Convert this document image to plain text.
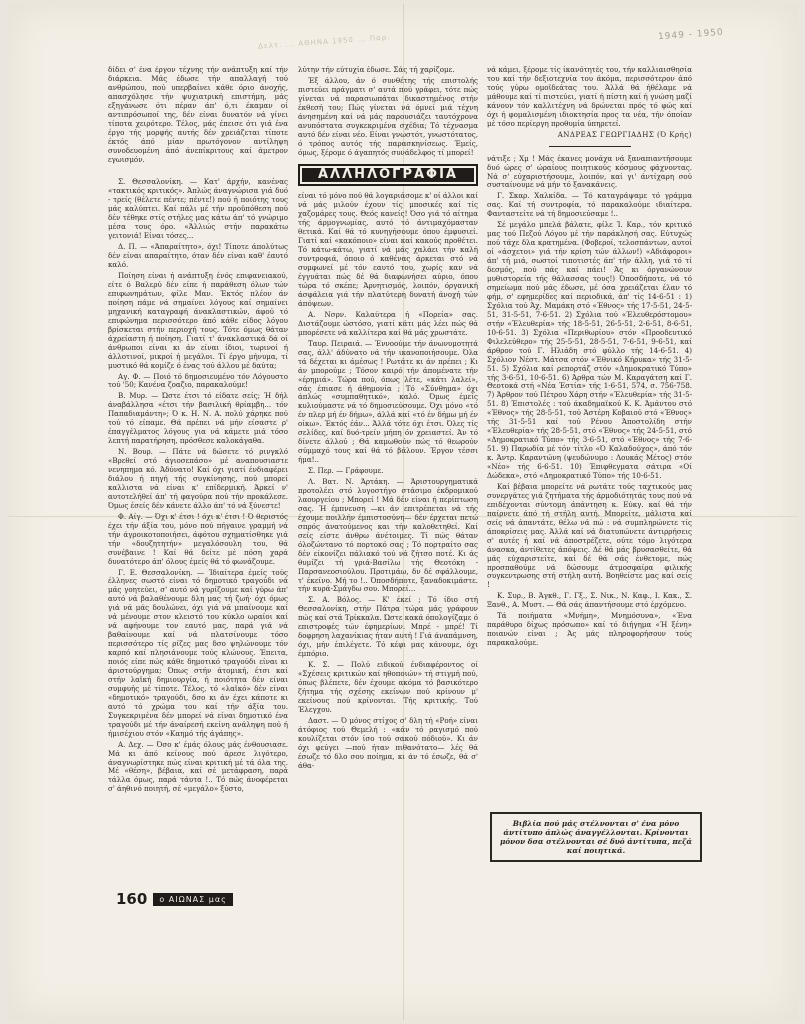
1949 - 1950
Δελτ. ... ΑΘΗΝΑ 1950 ... Παρ.

δίδει σ' ένα έργον τέχνης τήν ανάπτυξη καί τήν διάρκεια. Μάς έδωσε τήν απαλλαγή τού ανθρώπου, πού υπερβαίνει κάθε όριο άνοχής, απασχόλησε τήν ψυχιατρική επιστήμη, μάς εξηγάνωσε ότι πέραν άπ' ό,τι έκαμαν οί αντιπρόσωποί της, δέν είναι δυνατόν νά γίνει τίποτα χειρότερο. Τέλος, μάς έπεισε ότι γιά ένα έργο τής μορφής αυτής δέν χρειάζεται τίποτε έκτός άπό μίαν πρωτόγονον αντίληψη συνοδευομένη άπό άνεπίκριτους καί άμετρον εγωισμόν.

Σ. Θεσσαλονίκη. — Κατ' άρχήν, κανένας «τακτικός κριτικός». Άπλώς άναγνώρισα γιά δυό - τρείς (θέλετε πέντε; πέντε!) πού ή ποιότης τους μάς καλύπτει. Καί πάλι μέ τήν προϋπόθεση πού δέν τέθηκε στίς στήλες μας κάτω άπ' τό γνώριμο μέσα τους όρο. «Άλλιώς στήν παρακάτω γειτονιά! Είναι τόσες...

Δ. Π. — «Άπαραίτητο», όχι! Τίποτε άπολύτως δέν είναι απαραίτητο, όταν δέν είναι καθ' έαυτό καλό.

Ποίηση είναι ή ανάπτυξη ένός επιφανειακού, είτε ό Βαλερύ δέν είπε ή παράθεση όλων τών επιφωνημάτων, φίλε Μαν. Έκτός πλέον άν ποίηση πάμε νά σημαίνει λόγους καί σημαίνει μηχανική καταγραφή άνακλαστικών, άφού τό επιφώνημα περισσότερο άπό κάθε είδος λόγου βρίσκεται στήν περιοχή τους. Τότε όμως θάταν άχρείαστη ή ποίηση. Γιατί τ' άνακλαστικά δά οί άνθρωποι είναι κι άν είναι ίδιοι, τωρινοί ή άλλοτινοί, μικροί ή μεγάλοι. Τί έργο μήνυμα, τί μυστικό θά κομίζε ό ένας τού άλλου μέ δαύτα;

Αγ. Φ. — Ποιό τό δημοσιευμένο τόν Λόγουστο τού '50; Κανένα ζοαζιο, παρακαλούμε!

Β. Μυρ. — Ώστε έτσι τό είδατε σείς; Ή δήλ άναβάλλησα «έτσι τήν βασιλική θρίαμβη... τόν Παπαδιαμάντη»; Ό κ. Η. Ν. Α. πολύ χάρηκε πού τού τό είπαμε. Θά πρέπει νά μήν είσαστε ρ' έπαγγέλματος λόγους για νά κάμετε μιά τόσο λεπτή παρατήρηση, πρόσθεσε καλοκάγαθα.

Ν. Βουρ. — Πάτε νά δώσετε τό ρινγκλό «Βρεθεί στό άγιοσεπάσο» μέ αναπουσιαστε νενηπημα κό. Άδύνατο! Καί όχι γιατί ένδιαφέρει διάλου ή πηγή τής συγκίνησης, πού μπορεί καλλιστα νά είναι κ' επίδερμική. Άρκεί ν' αυτοτελήθεί άπ' τή φαγούρα πού τήν προκάλεσε. Όμως έσείς δέν κάνετε άλλο άπ' τό νά ξύνεστε!

Φ. Αίγ. — Όχι κ' έτσι ! όχι κ' έτσι ! Ό θεριστός έχει τήν άξία του, μόνο πού πήγαινε γραμμή νά τήν άγροικοτοποιήσει, άφότου σχηματίσθηκε γιά τήν «δουζητητήν» μεγαλόσουλη του, θά συνέβαινε ! Καί θά δείτε μέ πόση χαρά δυνατότερο άπ' όλους έμείς θά τό φωνάζουμε.

Γ. Ε. Θεσσαλονίκη. — Ίδιαίτερα έμείς τούς έλληνες σωστό είναι τό δημοτικό τραγούδι νά μάς γοητεύει, σ' αυτό νά γυρίζουμε καί γύρω άπ' αυτό νά βαλαθένουμε δλη μας τή ζωή· όχι όμως γιά νά μάς δουλώνει, όχι γιά νά μπαίνουμε καί νά μένουμε στον κλειστό του κύκλο ωραίοι καί νά αφήνουμε τον εαυτό μας, παρά γιά νά βαθαίνουμε καί νά πλατσίνουμε τόσο περισσότερο τίς ρίζες μας δσο ψηλώνουμε τόν καρπό καί πλησιάνουμε τούς κλώνους. Έπειτα, ποιός είπε πώς κάθε δημοτικό τραγούδι είναι κι άριστούργημα; Όπως στήν άτομική, έτσι καί στήν λαϊκή δημιουργία, ή ποιότητα δέν είναι συμφυής μέ τίποτε. Τέλος, τό «λαϊκό» δέν είναι «δημοτικό» τραγούδι, δσο κι άν έχει κάποτε κι αυτό τό χρώμα του καί τήν άξία του. Συγκεκριμένα δέν μπορεί νά είναι δημοτικό ένα τραγούδι μέ τήν άναίρεσή εκείνη ανάληψη πού ή ήμισέχιου στόν «Καημό τής άγάπης».

Α. Δεχ. — Όσο κ' έμάς όλους μάς ένθουσιασε. Μά κι άπό κείνους πού άρεσε λιγότερο, άναγνωρίστηκε πώς είναι κριτική μέ τά όλα της. Μέ «θέση», βέβαια, καί σέ μετάφραση, παρά τάλλα όμως, παρά τάυτα !.. Τό πώς άνοφέρεται σ' άηθινό ποιητή, σέ «μεγάλο» ξύστο,

λύτην τήν εύτυχία έδωσε. Σάς τή χαρίζομε.

Έξ άλλου, άν ό συνθέτης τής επιστολής πιστεύει πράγματι σ' αυτά πού γράφει, τότε πώς γίνεται νά παρασιωπάται δικαστημένος στήν έκθεσή του; Πώς γίνεται νά όμνεί μιά τέχνη άνησημένη καί νά μάς παρουσιάζει ταυτόχρονα ανυπόστατα συγκεκριμένα σχέδια; Τό τέχνασμα αυτό δέν είναι νέο. Είναι γνωστότ, γνωστότατος, ό τρόπος αυτός τής παρασκηνίσεως. Έμείς, όμως, ξέρομε ό άγαπητός συνάδελφος τί μπορεί!

ΑΛΛΗΛΟΓΡΑΦΙΑ

είναι τό μόνο πού θά λογαριάσομε κ' οί άλλοι καί νά μάς μιλούν έχουν τίς μποσικές καί τίς χαζομάρες τους. Θεός κανείς! Όσο γιά τό αίτημα τής άρμογνωμίας, αυτό τό άντιμαχόμασταν θετικά. Καί θά τό κυνηγήσουμε όπου έμφυσιεί. Γιατί καί «κακόποιο» είναι καί κακούς προθέτει. Τό κάτω-κάτω, γιατί νά μάς χαλάει τήν καλή συντροφιά, όποιο ό καθένας άρκεται στό νά συμφωνεί μέ τόν εαυτό του, χωρίς καν νά έγγυάται πώς δέ θά διαφωνήσει αύριο, όπου τώρα τό σκέπε; Άρνητισμός, λοιπόν, όργανική άσφάλεια γιά τήν πλατύτερη δυνατή άνοχή τών άπόψεων.

Α. Νσρν. Καλαύτερα ή «Πορεία» σας. Διστάζουμε ώστόσο, γιατί κάτι μάς λέει πώς θά μπορέσετε νά καλλίτερα καί θά μάς χρωστάτε.

Ταυρ. Πειραιά. — Έννοούμε τήν άνωνυμοτητά σας, άλλ' άδύνατο νά τήν ικανοποιήσουμε. Όλα τά δέχεται κι άμέσως ! Ρωτάτε κι άν πρέπει ; Κι άν μπορούμε ; Τόσον καιρό τήν άπομένατε τήν «έρημιά». Τώρα πού, όπως λέτε, «κάτι λαλεί», σάς έπιασε ή άθημονία ; Τό «Σύνθημα» όχι άπλώς «συμπαθητικό», καλό. Όμως έμείς κυλιούμαστε νά τό δημοσιεύσουμε. Όχι μόνο «τό έν πλερ μή έν δήμω», άλλά καί «τό έν δήμω μή έν οίκω». Έκτός έάν... Άλλά τότε όχι έτσι. Όλες τίς σελίδες, καί δυό-τρείν μήπη όν χρειαστεί. Άν τό δίνετε άλλού ; Θά καμωθούν πώς τό θεωρούν σύμμαχό τους καί θά τό βάλουν. Έργον τέσσι ήμα!..

Σ. Περ. — Γράφουμε.

Λ. Βατ. Ν. Άρτάκη. — Άριστουργηματικά προτολέει στό λυγοστήγο στάσιμο έκδρομικού λαουργείου ; Μπορεί ! Μά δέν είναι ή περίπτωση σας. Ή έμπνευση —κι άν επιτρέπεται νά τής έχουμε ποιλλήν έμπιστοσύνη— δέν έρχεται πετώ σπρός άνατούμενος και τήν καλοθετηθεί. Καί σείς είστε άνθρω άνέτοιμες. Τί πώς θάταν όλοζώντανο τό πορτοκό σας ; Τό πορτραίτο σας δέν είκονίζει πάλιακό τού νά ζήτσο ποτέ. Κι άς θυμίζει τή γριά-Βασίλω τής Θεοτόκη - Παρσανεοσιούλου. Προτιμάω, δν δέ σφάλλουμε, τ' έκείνο. Μή το !.. Όποσδήποτε, ξαναδοκιμάστε. τήν κυρά-Σμάγδω σου. Μπορεί...

Σ. Α. Βόλος. — Κ' έκεί ; Τό ίδιο στή Θεσσαλονίκη, στήν Πάτρα τώρα μάς γράφουν πώς καί στά Τρίκκαλα. Ώστε κακά όπολογίζαμε ό επιστροφές τών έφημερίων. Μπρέ - μπρέ! Τί δοφρηση λαχανίκιας ήταν αυτή ! Γιά άναπάμνση, όχι, μήν έπιλέγετε. Τό κέφι μας κάνουμε, όχι έμπόριο.

Κ. Σ. — Πολύ ειδικού ένδιαφέροντος οί «Σχέσεις κριτικών καί ηθοποιών» τή στιγμή πού, όπως βλέπετε, δέν έχουμε ακόμα τό βασικότερο ζήτημα τής σχέσης εκείνων πού κρίνουν μ' εκείνους πού κρίνονται. Τής κριτικής. Τού Έλεγχου.

Δαστ. — Ό μόνος στίχος σ' δλη τή «Ροή» είναι άτόφιος τού Θεμελή : «κάν τό ραγισμό πού κουλίζεται στόν ίσο τού σακού πόδιού». Κι άν όχι φεύγει —πού ήταν πιθανότατο— λές θά έσωζε τό δλο σου ποίημα, κι άν τό έσωζε, θά σ' άθα-

νά κάμει, ξέρομε τίς ίκανότητές του, τήν καλλιαισθησία του καί τήν δεξιοτεχνία του άκόμα, περισσότερον άπό τούς γύρω ομοϊδεάτας του. Άλλά θά ήθέλαμε νά μάθουμε καί τί πιστεύει, γιατί ή πίστη καί ή γνώση μαζί κάνουν τόν καλλιτέχνη νά δρώνεται πρός τό φώς καί όχι ή φομαλισμένη ιδιοκτησία προς τα νέα, τήν όποίαν μέ τόσο περίεργη προθυμία ύπηρετεί.

ΑΝΔΡΕΑΣ ΓΕΩΡΓΙΑΔΗΣ (Ό Κρής)

νάτιξε ; Χμ ! Μάς έκανες μονάχα νά ξαναπιαντήσουμε δυό ώρες σ' ώραίους ποιητικούς κόσμους φάχνοντας. Νά σ' εύχαριστήσουμε, λοιπόν, καί γι' άντίχαρη σού συσταίνουμε νά μήν τό ξανακάνεις.

Γ. Σκαρ. Χαλκίδα. — Τό καταγράψαμε τό γράμμα σας. Καί τή συντροφία, τό παρακαλούμε ιδιαίτερα. Φανταστείτε νά τή δημοσιεύσαμε !..

Σέ μεγάλο μπελά βάλατε, φίλε Ί. Καρ., τόν κριτικό μας τού Πεζού Λόγου μέ τήν παράκλησή σας. Εύτυχώς πού τάχε δλα κρατημένα. (Φοβερoί, τελοσπάντων, αυτοί οί «άσχετοι» γιά τήν κρίση τών άλλων!) «Αδιάφοροι» άπ' τή μιά, σωστοί τιποτιστές άπ' τήν άλλη, γιά τό τί δεσμός, πού πάς καί πάει! Άς κι όργανώνουν μυθιστορεία τής θάλασσας τους!) Όποσδήποτε, νά τό σημείωμα πού μάς έδωσε, μέ όσα χρειάζεται έλαν τό φήμ, σ' εφημερίδες καί περιοδικά, άπ' τίς 14-6-51 : 1) Σχόλια τού Άχ. Μαμάκη στό «Έθνος» τής 17-5-51, 24-5-51, 31-5-51, 7-6-51. 2) Σχόλια τού «Έλευθερόστομου» στήν «Έλευθερία» τής 18-5-51, 26-5-51, 2-6-51, 8-6-51, 10-6-51. 3) Σχόλια «Περιθωρίου» στόν «Προοδευτικό Φιλελεύθερο» τής 25-5-51, 28-5-51, 7-6-51, 9-6-51, καί άρθρον τού Γ. Ηλιάδη στό φύλλο τής 14-6-51. 4) Σχόλιον Νέστ. Μάτσα στόν «Έθνικό Κήρυκα» τής 31-5-51. 5) Σχόλια καί ρεπορτάζ στόν «Δημοκρατικό Τύπο» τής 3-6-51, 10-6-51. 6) Άρθρα τών Μ. Καραγάτση καί Γ. Θεοτοκά στή «Νέα Έστία» τής 1-6-51, 574, σ. 756-758. 7) Άρθρον τού Πέτρου Χάρη στήν «Έλευθερία» τής 31-5-51. 8) Έπιστολές : τού άκαδημαϊκού Κ. Κ. Άμάντου στό «Έθνος» τής 28-5-51, τού Άστέρη Κοβαιού στό «Έθνος» τής 31-5-51 καί τού Ρένου Άποστολίδη στήν «Έλευθερία» τής 28-5-51, στό «Έθνος» τής 24-5-51, στό «Δημοκρατικό Τύπο» τής 3-6-51, στό «Έθνος» τής 7-6-51. 9) Παρωδία μέ τόν τίτλο «Ό Καλαδούχος», άπό τόν κ. Άντρ. Καραντώνη (ψευδώνυμο : Λουκάς Μέτος) στόν «Νέο» τής 6-6-51. 10) Έπιφθεγματα σάτιρα «Οί Δώδεκα», στό «Δημοκρατικό Τύπο» τής 10-6-51.

Καί βέβαια μπορείτε νά ρωτάτε τούς ταχτικούς μας συνεργάτες γιά ζητήματα τής άρμοδιότητάς τους πού νά επιδέχονται σύντομη άπάντηση κ. Εύκγ. καί θά τήν παίρνετε άπό τή στήλη αυτή. Μπορείτε, μάλιστα καί σείς νά άπαντάτε, θέλω νά πώ : νά συμπληρώνετε τίς άποκρίσεις μας. Άλλά καί νά διατυπώνετε άντιρρήσεις σ' αυτές ή καί νά άποστρέζετε, ούτε τόμο λιγότερα άνασκα, άντίθετες άπόψεις. Δέ θά μάς βρυσασθείτε, θά μάς εύχαριστείτε, καί δέ θά σάς ένθετομε, πώς προσπαθούμε νά δώσουμε άτμοσφαίρα φιλικής συγκεντρωσης στή στήλη αυτή. Βοηθείστε μας καί σείς !

Κ. Συρ., Β. Άγκθ., Γ. Γξ., Σ. Νικ., Ν. Καφ., Ι. Κακ., Σ. Ξανθ., Α. Μυστ. — Θά σάς άπαντήσουμε στό έρχόμενο.

Τά ποιήματα «Μνήμη», Μνημόσυνα», «Ένα παράθυρο δίχως πρόσωπο» καί τό διήγημα «Ή ξένη» ποιανών είναι ; Άς μάς πληροφορήσουν τούς παρακαλούμε.

Βιβλία πού μάς στέλνονται σ' ένα μόνο άντίτυπο άπλώς άναγγέλλονται. Κρίνονται μόνον δσα στέλνονται σέ δυό άντίτυπα, πεζά καί ποιητικά.
160	ο ΑΙΩΝΑΣ μας
